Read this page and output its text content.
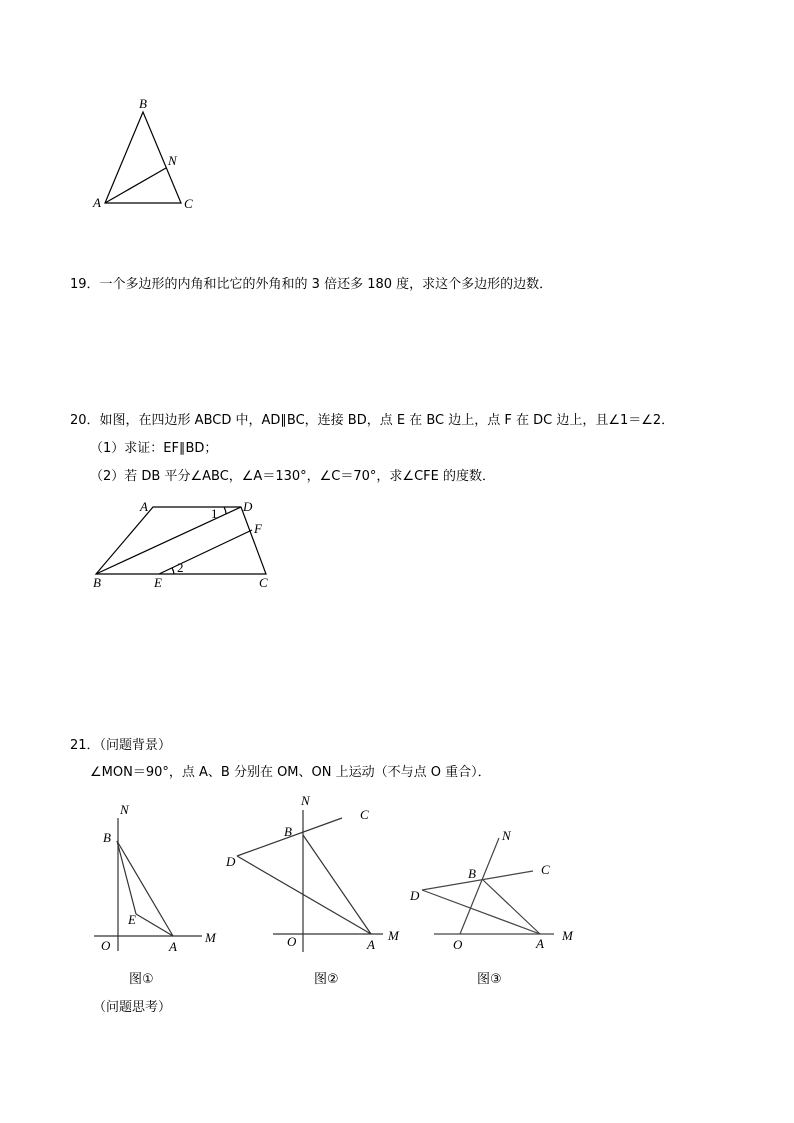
B
N
A	C
A	D
F
B	E	C
1
2
N
B
E
O	A
M
图①
N
C
B
D
O	A
M
图②
N
C
B
D
O	A
M
图③
19．一个多边形的内角和比它的外角和的 3 倍还多 180 度，求这个多边形的边数．
20．如图，在四边形 ABCD 中，AD∥BC，连接 BD，点 E 在 BC 边上，点 F 在 DC 边上，且∠1＝∠2．
（1）求证：EF∥BD；
（2）若 DB 平分∠ABC，∠A＝130°，∠C＝70°，求∠CFE 的度数．
21．（问题背景）
∠MON＝90°，点 A、B 分别在 OM、ON 上运动（不与点 O 重合）．
（问题思考）
